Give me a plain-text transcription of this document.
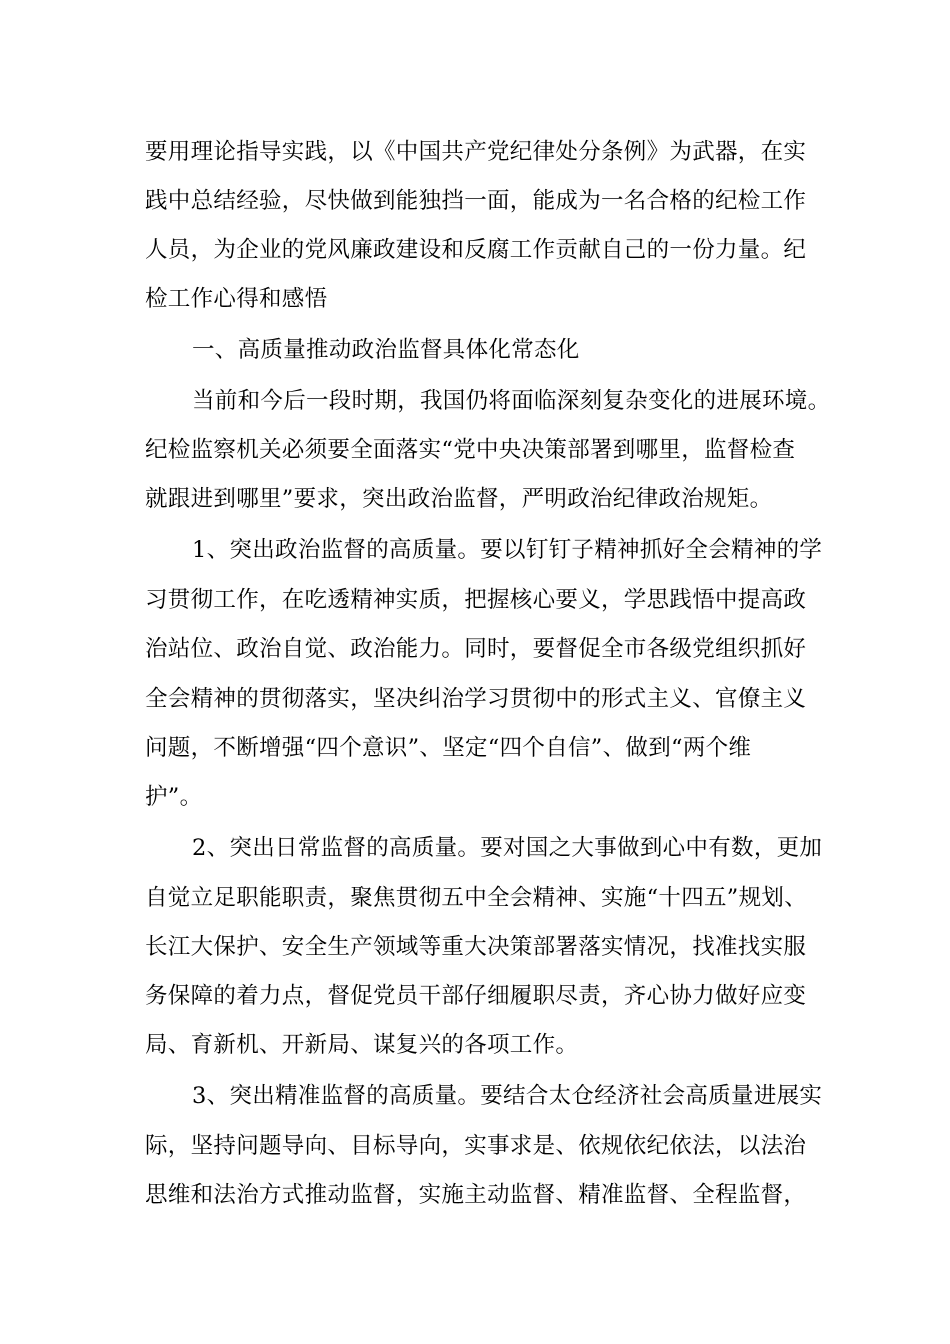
要用理论指导实践，以《中国共产党纪律处分条例》为武器，在实
践中总结经验，尽快做到能独挡一面，能成为一名合格的纪检工作
人员，为企业的党风廉政建设和反腐工作贡献自己的一份力量。纪
检工作心得和感悟
一、高质量推动政治监督具体化常态化
当前和今后一段时期，我国仍将面临深刻复杂变化的进展环境。
纪检监察机关必须要全面落实“党中央决策部署到哪里，监督检查
就跟进到哪里”要求，突出政治监督，严明政治纪律政治规矩。
1、突出政治监督的高质量。要以钉钉子精神抓好全会精神的学
习贯彻工作，在吃透精神实质，把握核心要义，学思践悟中提高政
治站位、政治自觉、政治能力。同时，要督促全市各级党组织抓好
全会精神的贯彻落实，坚决纠治学习贯彻中的形式主义、官僚主义
问题，不断增强“四个意识”、坚定“四个自信”、做到“两个维
护”。
2、突出日常监督的高质量。要对国之大事做到心中有数，更加
自觉立足职能职责，聚焦贯彻五中全会精神、实施“十四五”规划、
长江大保护、安全生产领域等重大决策部署落实情况，找准找实服
务保障的着力点，督促党员干部仔细履职尽责，齐心协力做好应变
局、育新机、开新局、谋复兴的各项工作。
3、突出精准监督的高质量。要结合太仓经济社会高质量进展实
际，坚持问题导向、目标导向，实事求是、依规依纪依法，以法治
思维和法治方式推动监督，实施主动监督、精准监督、全程监督，
